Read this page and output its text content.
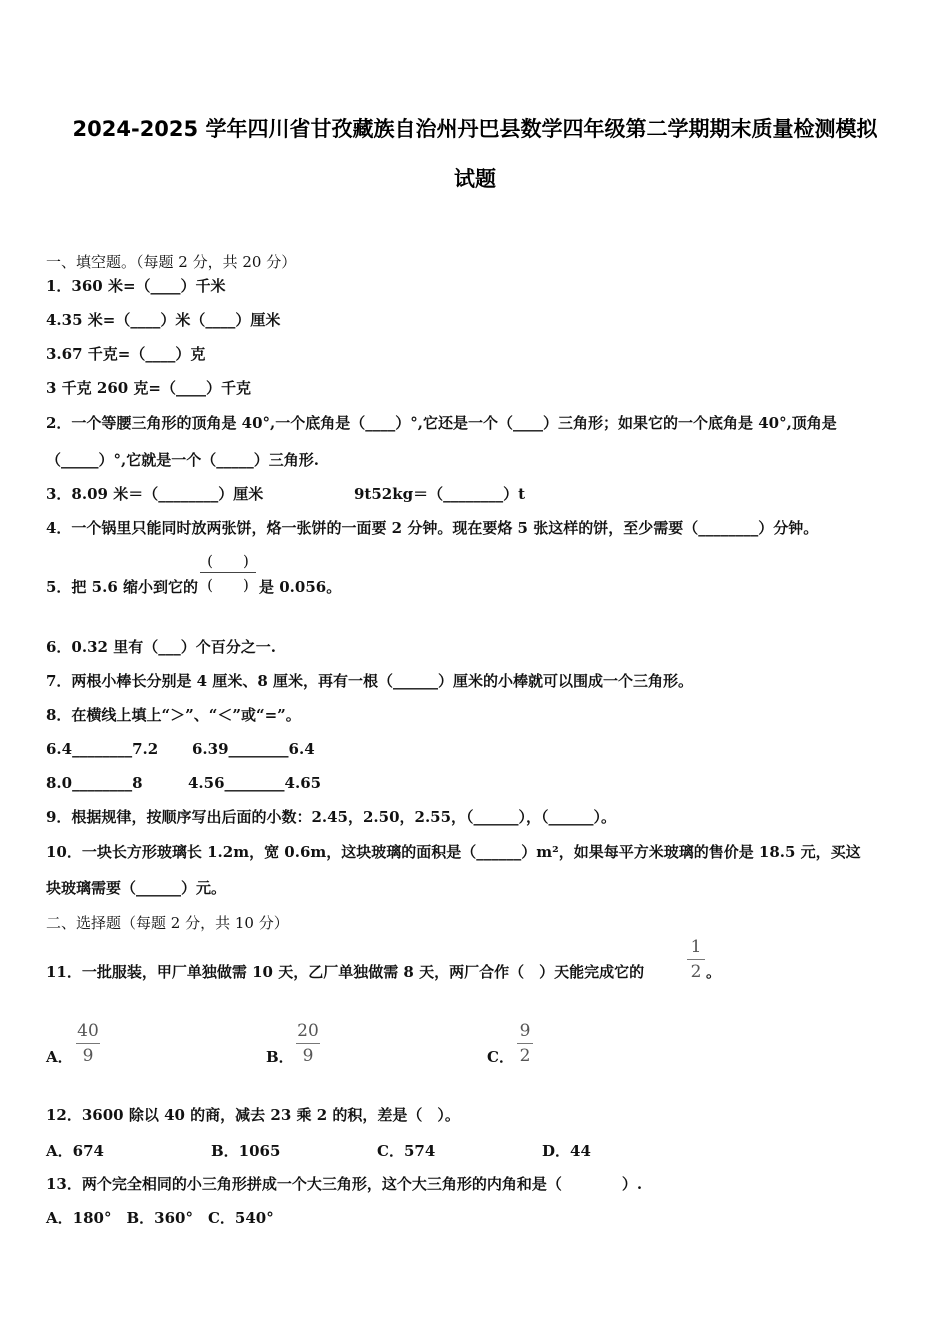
2024-2025 学年四川省甘孜藏族自治州丹巴县数学四年级第二学期期末质量检测模拟
试题
一、填空题。（每题 2 分，共 20 分）
1．360 米=（____）千米
4.35 米=（____）米（____）厘米
3.67 千克=（____）克
3 千克 260 克=（____）千克
2．一个等腰三角形的顶角是 40°,一个底角是（____）°,它还是一个（____）三角形；如果它的一个底角是 40°,顶角是
（_____）°,它就是一个（_____）三角形.
3．8.09 米＝（________）厘米	9t52kg＝（________）t
4．一个锅里只能同时放两张饼，烙一张饼的一面要 2 分钟。现在要烙 5 张这样的饼，至少需要（________）分钟。
5．把 5.6 缩小到它的
(　　)
(　　) 是 0.056。
6．0.32 里有（___）个百分之一.
7．两根小棒长分别是 4 厘米、8 厘米，再有一根（______）厘米的小棒就可以围成一个三角形。
8．在横线上填上“＞”、“＜”或“=”。
6.4________7.2 6.39________6.4
8.0________8	4.56________4.65
9．根据规律，按顺序写出后面的小数：2.45，2.50，2.55，（______），（______）。
10．一块长方形玻璃长 1.2m，宽 0.6m，这块玻璃的面积是（______）m²，如果每平方米玻璃的售价是 18.5 元，买这
块玻璃需要（______）元。
二、选择题（每题 2 分，共 10 分）
11．一批服装，甲厂单独做需 10 天，乙厂单独做需 8 天，两厂合作（　）天能完成它的
1
2 。
A．
40
9	B．
20
9	C．
9
2
12．3600 除以 40 的商，减去 23 乘 2 的积，差是（　）。
A．674	B．1065	C．574	D．44
13．两个完全相同的小三角形拼成一个大三角形，这个大三角形的内角和是（　　　　）.
A．180°　B．360°　C．540°
